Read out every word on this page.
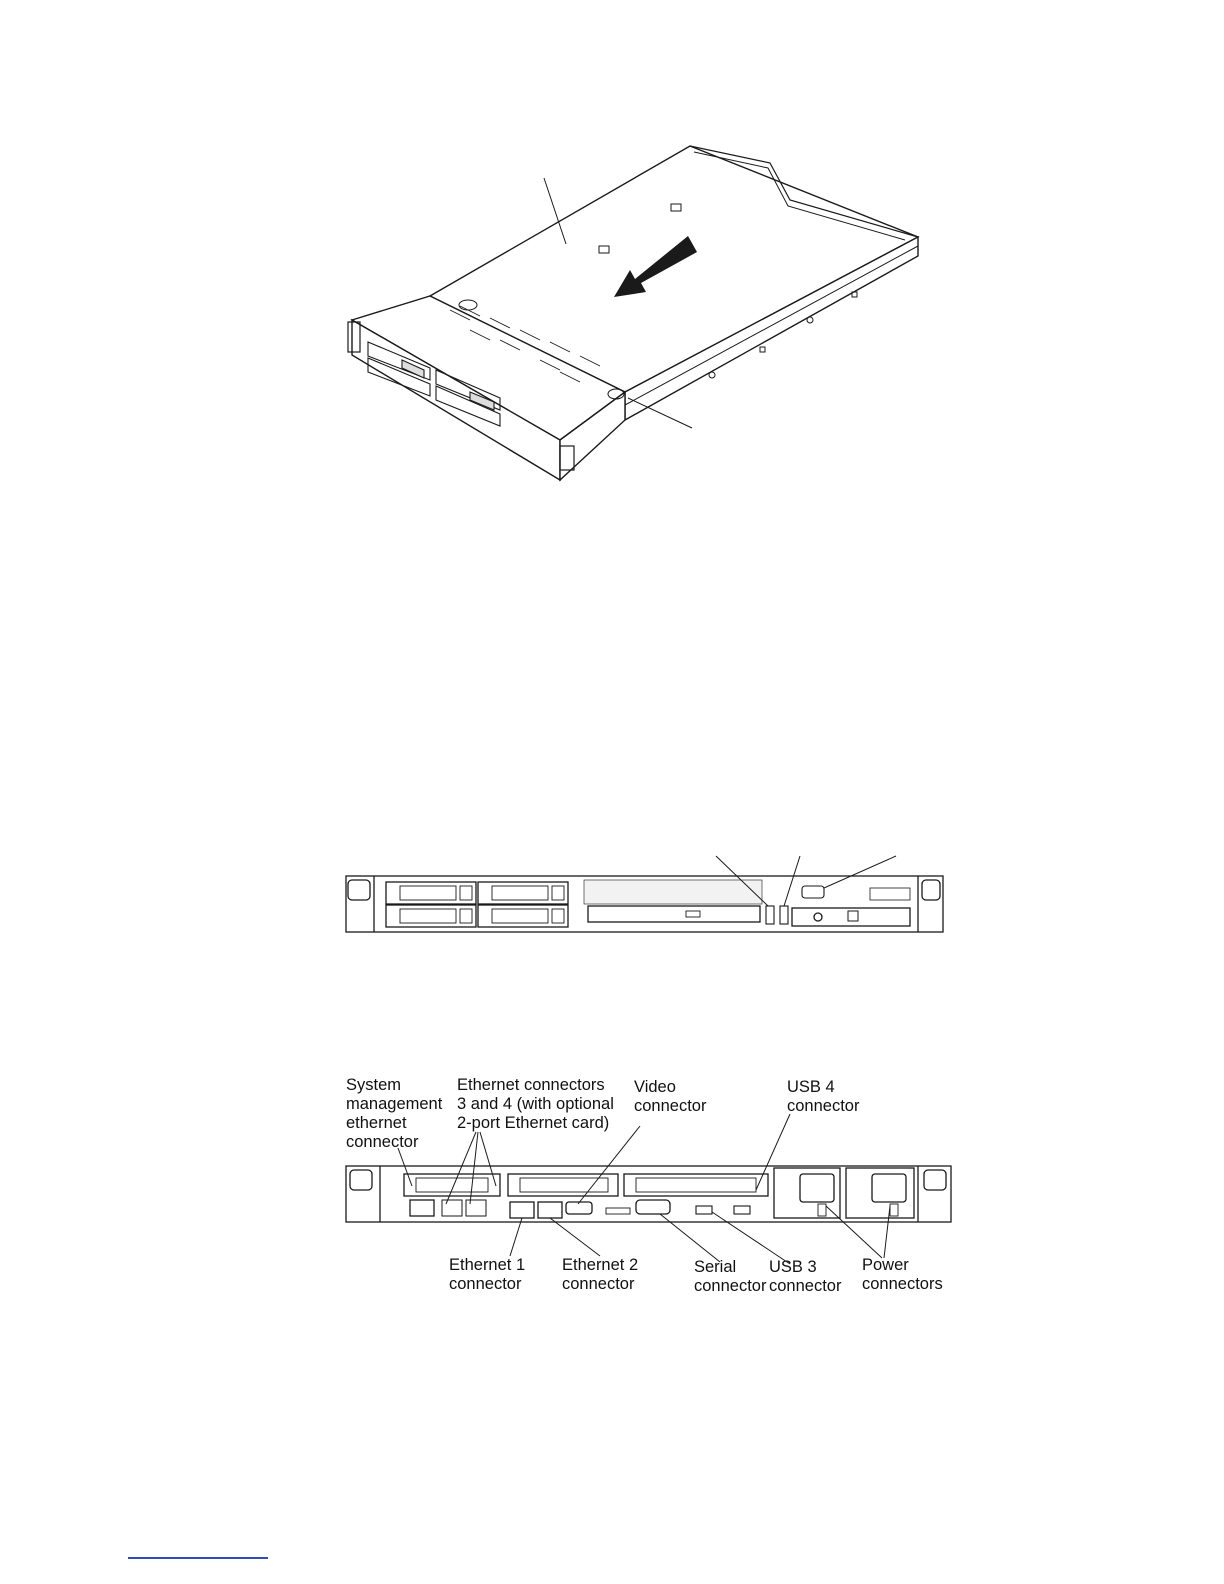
System
management
ethernet
connector
Ethernet connectors
3 and 4 (with optional
2-port Ethernet card)
Video
connector
USB 4
connector
Ethernet 1
connector
Ethernet 2
connector
Serial
connector
USB 3
connector
Power
connectors
